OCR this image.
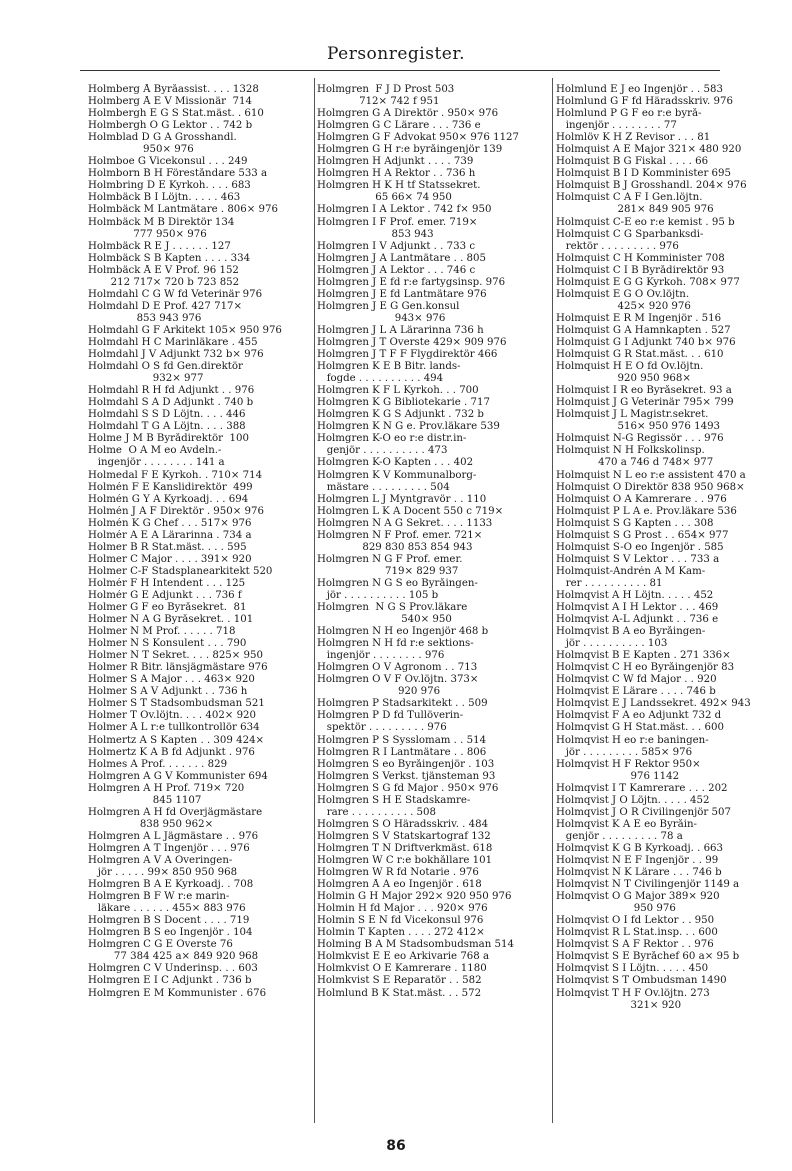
Personregister.
Holmberg Å Byråassist. . . . 1328
Holmberg Å E V Missionär  714
Holmbergh E G S Stat.mäst. . 610
Holmbergh O G Lektor . . 742 b
Holmblad D G A Grosshandl.
950× 976
Holmboe G Vicekonsul . . . 249
Holmborn B H Föreståndare 533 a
Holmbring D E Kyrkoh. . . . 683
Holmbäck B I Löjtn. . . . . 463
Holmbäck M Lantmätare . 806× 976
Holmbäck M B Direktör 134
777 950× 976
Holmbäck R E J . . . . . . 127
Holmbäck S B Kapten . . . . 334
Holmbäck Å E V Prof. 96 152
212 717× 720 b 723 852
Holmdahl C G W fd Veterinär 976
Holmdahl D E Prof. 427 717×
853 943 976
Holmdahl G F Arkitekt 105× 950 976
Holmdahl H C Marinläkare . 455
Holmdahl J V Adjunkt 732 b× 976
Holmdahl O S fd Gen.direktör
932× 977
Holmdahl R H fd Adjunkt . . 976
Holmdahl S A D Adjunkt . 740 b
Holmdahl S S D Löjtn. . . . 446
Holmdahl T G A Löjtn. . . . 388
Holme J M B Byrådirektör  100
Holme  O A M eo Avdeln.-
ingenjör . . . . . . . . 141 a
Holmedal F E Kyrkoh. . 710× 714
Holmén F E Kanslidirektör  499
Holmén G Y A Kyrkoadj. . . 694
Holmén J A F Direktör . 950× 976
Holmén K G Chef . . . 517× 976
Holmér A E A Lärarinna . 734 a
Holmer B R Stat.mäst. . . . 595
Holmer C Major . . . . 391× 920
Holmer C-F Stadsplanearkitekt 520
Holmér F H Intendent . . . 125
Holmér G E Adjunkt . . . 736 f
Holmer G F eo Byråsekret.  81
Holmer N A G Byråsekret. . 101
Holmer N M Prof. . . . . . 718
Holmer N S Konsulent . . . 790
Holmer N T Sekret. . . . 825× 950
Holmer R Bitr. länsjägmästare 976
Holmer S A Major . . . 463× 920
Holmer S A V Adjunkt . . 736 h
Holmer S T Stadsombudsman 521
Holmer T Öv.löjtn. . . . 402× 920
Holmer Å L r:e tullkontrollör 634
Holmertz A S Kapten . . 309 424×
Holmertz K A B fd Adjunkt . 976
Holmes A Prof. . . . . . . 829
Holmgren A G V Kommunister 694
Holmgren A H Prof. 719× 720
845 1107
Holmgren A H fd Överjägmästare
838 950 962×
Holmgren A L Jägmästare . . 976
Holmgren A T Ingenjör . . . 976
Holmgren A V A Överingen-
jör . . . . . 99× 850 950 968
Holmgren B A E Kyrkoadj. . 708
Holmgren B F W r:e marin-
läkare . . . . . . 455× 883 976
Holmgren B S Docent . . . . 719
Holmgren B S eo Ingenjör . 104
Holmgren C G E Överste 76
77 384 425 a× 849 920 968
Holmgren C V Underinsp. . . 603
Holmgren E I C Adjunkt . 736 b
Holmgren E M Kommunister . 676
Holmgren  F J D Prost 503
712× 742 f 951
Holmgren G A Direktör . 950× 976
Holmgren G C Lärare . . . 736 e
Holmgren G F Advokat 950× 976 1127
Holmgren G H r:e byråingenjör 139
Holmgren H Adjunkt . . . . 739
Holmgren H A Rektor . . 736 h
Holmgren H K H tf Statssekret.
65 66× 74 950
Holmgren I A Lektor . 742 f× 950
Holmgren I F Prof. emer. 719×
853 943
Holmgren I V Adjunkt . . 733 c
Holmgren J A Lantmätare . . 805
Holmgren J A Lektor . . . 746 c
Holmgren J E fd r:e fartygsinsp. 976
Holmgren J E fd Lantmätare 976
Holmgren J E G Gen.konsul
943× 976
Holmgren J L A Lärarinna 736 h
Holmgren J T Överste 429× 909 976
Holmgren J T F F Flygdirektör 466
Holmgren K E B Bitr. lands-
fogde . . . . . . . . . . 494
Holmgren K F L Kyrkoh. . . 700
Holmgren K G Bibliotekarie . 717
Holmgren K G S Adjunkt . 732 b
Holmgren K N G e. Prov.läkare 539
Holmgren K-O eo r:e distr.in-
genjör . . . . . . . . . . 473
Holmgren K-O Kapten . . . 402
Holmgren K V Kommunalborg-
mästare . . . . . . . . . 504
Holmgren L J Myntgravör . . 110
Holmgren L K A Docent 550 c 719×
Holmgren N A G Sekret. . . . 1133
Holmgren N F Prof. emer. 721×
829 830 853 854 943
Holmgren N G F Prof. emer.
719× 829 937
Holmgren N G S eo Byråingen-
jör . . . . . . . . . . 105 b
Holmgren  N G S Prov.läkare
540× 950
Holmgren N H eo Ingenjör 468 b
Holmgren N H fd r:e sektions-
ingenjör . . . . . . . . 976
Holmgren O V Agronom . . 713
Holmgren O V F Öv.löjtn. 373×
920 976
Holmgren P Stadsarkitekt . . 509
Holmgren P D fd Tullöverin-
spektör . . . . . . . . . 976
Holmgren P S Sysslomam . . 514
Holmgren R I Lantmätare . . 806
Holmgren S eo Byråingenjör . 103
Holmgren S Verkst. tjänsteman 93
Holmgren S G fd Major . 950× 976
Holmgren S H E Stadskamre-
rare . . . . . . . . . . 508
Holmgren S O Häradsskriv. . 484
Holmgren S V Statskartograf 132
Holmgren T N Driftverkmäst. 618
Holmgren W C r:e bokhållare 101
Holmgren W R fd Notarie . 976
Holmgren Å A eo Ingenjör . 618
Holmin G H Major 292× 920 950 976
Holmin H fd Major . . . 920× 976
Holmin S E N fd Vicekonsul 976
Holmin T Kapten . . . . 272 412×
Holming B A M Stadsombudsman 514
Holmkvist E E eo Arkivarie 768 a
Holmkvist O E Kamrerare . 1180
Holmkvist S E Reparatör . . 582
Holmlund B K Stat.mäst. . . 572
Holmlund E J eo Ingenjör . . 583
Holmlund G F fd Häradsskriv. 976
Holmlund P G F eo r:e byrå-
ingenjör . . . . . . . . 77
Holmlöv K H Z Revisor . . . 81
Holmquist A E Major 321× 480 920
Holmquist B G Fiskal . . . . 66
Holmquist B I D Komminister 695
Holmquist B J Grosshandl. 204× 976
Holmquist C A F I Gen.löjtn.
281× 849 905 976
Holmquist C-E eo r:e kemist . 95 b
Holmquist C G Sparbanksdi-
rektör . . . . . . . . . 976
Holmquist C H Komminister 708
Holmquist C I B Byrådirektör 93
Holmquist E G G Kyrkoh. 708× 977
Holmquist E G O Öv.löjtn.
425× 920 976
Holmquist E R M Ingenjör . 516
Holmquist G A Hamnkapten . 527
Holmquist G I Adjunkt 740 b× 976
Holmquist G R Stat.mäst. . . 610
Holmquist H E O fd Öv.löjtn.
920 950 968×
Holmquist I R eo Byråsekret. 93 a
Holmquist J G Veterinär 795× 799
Holmquist J L Magistr.sekret.
516× 950 976 1493
Holmquist N-G Regissör . . . 976
Holmquist N H Folkskolinsp.
470 a 746 d 748× 977
Holmquist N L eo r:e assistent 470 a
Holmquist O Direktör 838 950 968×
Holmquist O A Kamrerare . . 976
Holmquist P L A e. Prov.läkare 536
Holmquist S G Kapten . . . 308
Holmquist S G Prost . . 654× 977
Holmquist S-O eo Ingenjör . 585
Holmquist S V Lektor . . . 733 a
Holmquist-Andrén A M Kam-
rer . . . . . . . . . . 81
Holmqvist A H Löjtn. . . . . 452
Holmqvist A I H Lektor . . . 469
Holmqvist A-L Adjunkt . . 736 e
Holmqvist B A eo Byråingen-
jör . . . . . . . . . . 103
Holmqvist B E Kapten . 271 336×
Holmqvist C H eo Byråingenjör 83
Holmqvist C W fd Major . . 920
Holmqvist E Lärare . . . . 746 b
Holmqvist E J Landssekret. 492× 943
Holmqvist F A eo Adjunkt 732 d
Holmqvist G H Stat.mäst. . . 600
Holmqvist H eo r:e baningen-
jör . . . . . . . . . 585× 976
Holmqvist H F Rektor 950×
976 1142
Holmqvist I T Kamrerare . . . 202
Holmqvist J O Löjtn. . . . . 452
Holmqvist J O R Civilingenjör 507
Holmqvist K A E eo Byråin-
genjör . . . . . . . . . 78 a
Holmqvist K G B Kyrkoadj. . 663
Holmqvist N E F Ingenjör . . 99
Holmqvist N K Lärare . . . 746 b
Holmqvist N T Civilingenjör 1149 a
Holmqvist O G Major 389× 920
950 976
Holmqvist O I fd Lektor . . 950
Holmqvist R L Stat.insp. . . 600
Holmqvist S A F Rektor . . 976
Holmqvist S E Byråchef 60 a× 95 b
Holmqvist S I Löjtn. . . . . 450
Holmqvist S T Ombudsman 1490
Holmqvist T H F Öv.löjtn. 273
321× 920
86
